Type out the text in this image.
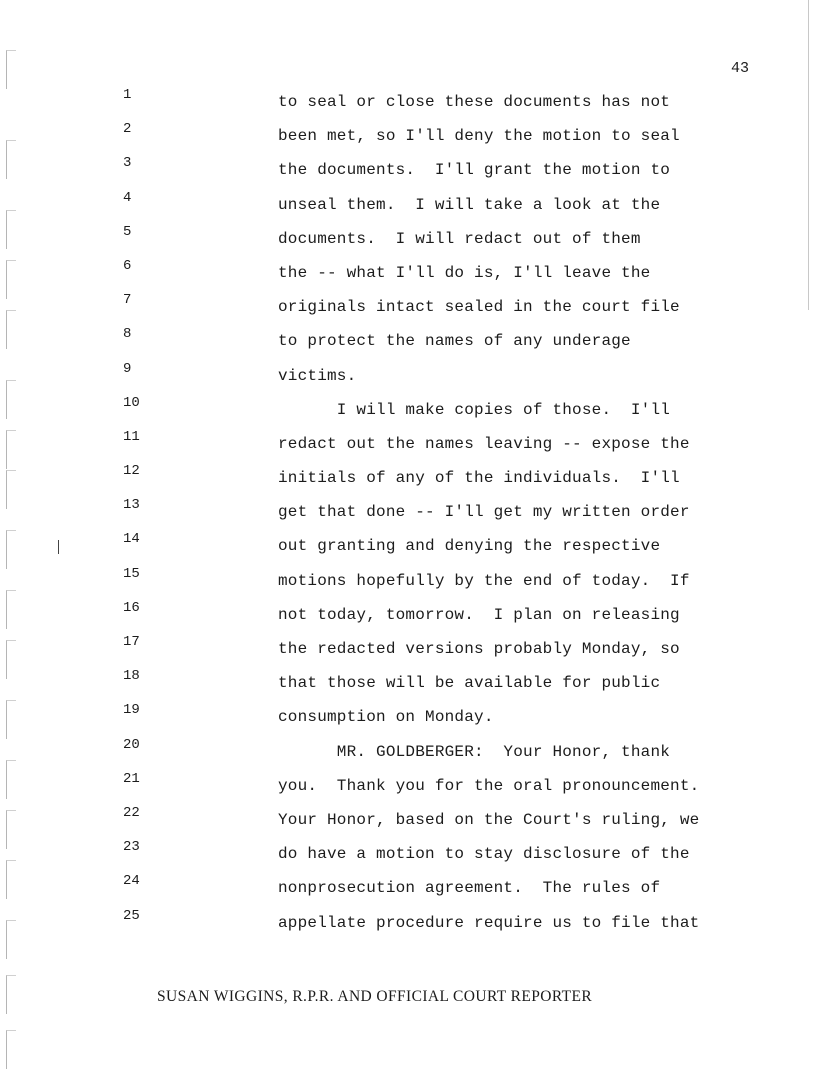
43
1
2
3
4
5
6
7
8
9
10
11
12
13
14
15
16
17
18
19
20
21
22
23
24
25
to seal or close these documents has not
been met, so I'll deny the motion to seal
the documents.  I'll grant the motion to
unseal them.  I will take a look at the
documents.  I will redact out of them
the -- what I'll do is, I'll leave the
originals intact sealed in the court file
to protect the names of any underage
victims.
I will make copies of those.  I'll
redact out the names leaving -- expose the
initials of any of the individuals.  I'll
get that done -- I'll get my written order
out granting and denying the respective
motions hopefully by the end of today.  If
not today, tomorrow.  I plan on releasing
the redacted versions probably Monday, so
that those will be available for public
consumption on Monday.
MR. GOLDBERGER:  Your Honor, thank
you.  Thank you for the oral pronouncement.
Your Honor, based on the Court's ruling, we
do have a motion to stay disclosure of the
nonprosecution agreement.  The rules of
appellate procedure require us to file that
SUSAN WIGGINS, R.P.R. AND OFFICIAL COURT REPORTER
